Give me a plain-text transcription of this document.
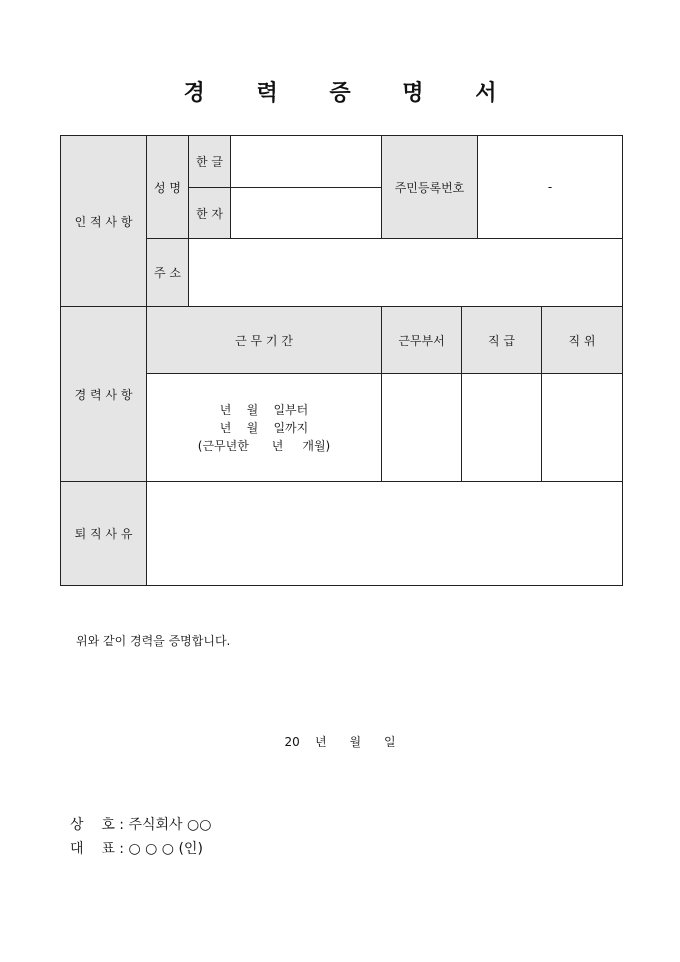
경 력 증 명 서
인 적 사 항	성 명	한 글		주민등록번호		-	
		한 자					
	주 소						
경 력 사 항	근 무 기 간			근무부서	직 급		직 위

	년    월    일부터
년    월    일까지
(근무년한      년     개월)						

퇴 직 사 유							
위와 같이 경력을 증명합니다.
20    년      월      일
상    호 : 주식회사 ○○
대    표 : ○ ○ ○ (인)
